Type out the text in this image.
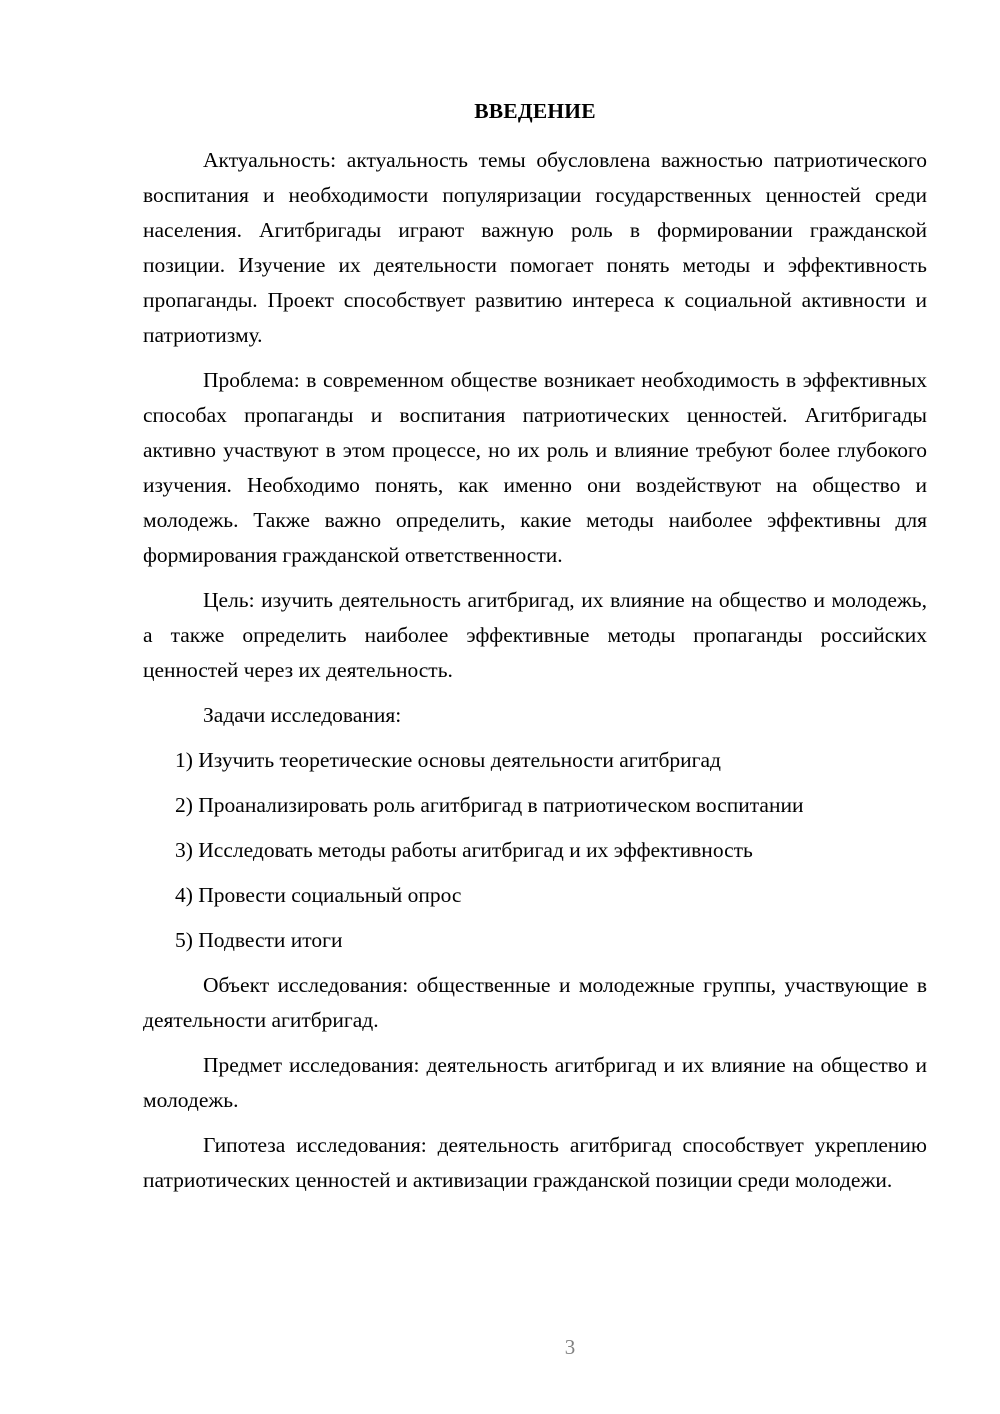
ВВЕДЕНИЕ

Актуальность: актуальность темы обусловлена важностью патриотического воспитания и необходимости популяризации государственных ценностей среди населения. Агитбригады играют важную роль в формировании гражданской позиции. Изучение их деятельности помогает понять методы и эффективность пропаганды. Проект способствует развитию интереса к социальной активности и патриотизму.

Проблема: в современном обществе возникает необходимость в эффективных способах пропаганды и воспитания патриотических ценностей. Агитбригады активно участвуют в этом процессе, но их роль и влияние требуют более глубокого изучения. Необходимо понять, как именно они воздействуют на общество и молодежь. Также важно определить, какие методы наиболее эффективны для формирования гражданской ответственности.

Цель: изучить деятельность агитбригад, их влияние на общество и молодежь, а также определить наиболее эффективные методы пропаганды российских ценностей через их деятельность.

Задачи исследования:

1) Изучить теоретические основы деятельности агитбригад
2) Проанализировать роль агитбригад в патриотическом воспитании
3) Исследовать методы работы агитбригад и их эффективность
4) Провести социальный опрос
5) Подвести итоги

Объект исследования: общественные и молодежные группы, участвующие в деятельности агитбригад.

Предмет исследования: деятельность агитбригад и их влияние на общество и молодежь.

Гипотеза исследования: деятельность агитбригад способствует укреплению патриотических ценностей и активизации гражданской позиции среди молодежи.

3
